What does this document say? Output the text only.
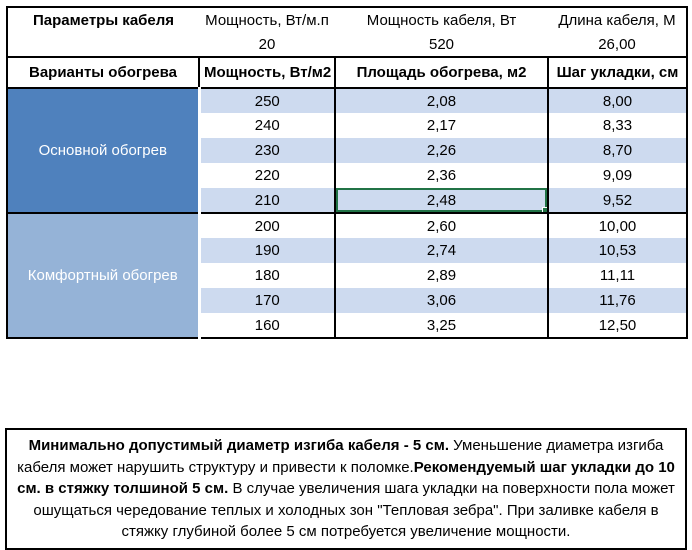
Параметры кабеля	Мощность, Вт/м.п	Мощность кабеля, Вт	Длина кабеля, М
	20	520	26,00
Варианты обогрева	Мощность, Вт/м2	Площадь обогрева, м2	Шаг укладки, см
Основной обогрев	250	2,08	8,00
	240	2,17	8,33
	230	2,26	8,70
	220	2,36	9,09
	210	2,48	9,52
Комфортный обогрев	200	2,60	10,00
	190	2,74	10,53
	180	2,89	11,11
	170	3,06	11,76
	160	3,25	12,50
Минимально допустимый диаметр изгиба кабеля - 5 см. Уменьшение диаметра изгиба кабеля может нарушить структуру и привести к поломке.Рекомендуемый шаг укладки до 10 см. в стяжку толшиной 5 см. В случае увеличения шага укладки на поверхности пола может ошущаться чередование теплых и холодных зон "Тепловая зебра". При заливке кабеля в стяжку глубиной более 5 см потребуется увеличение мощности.
